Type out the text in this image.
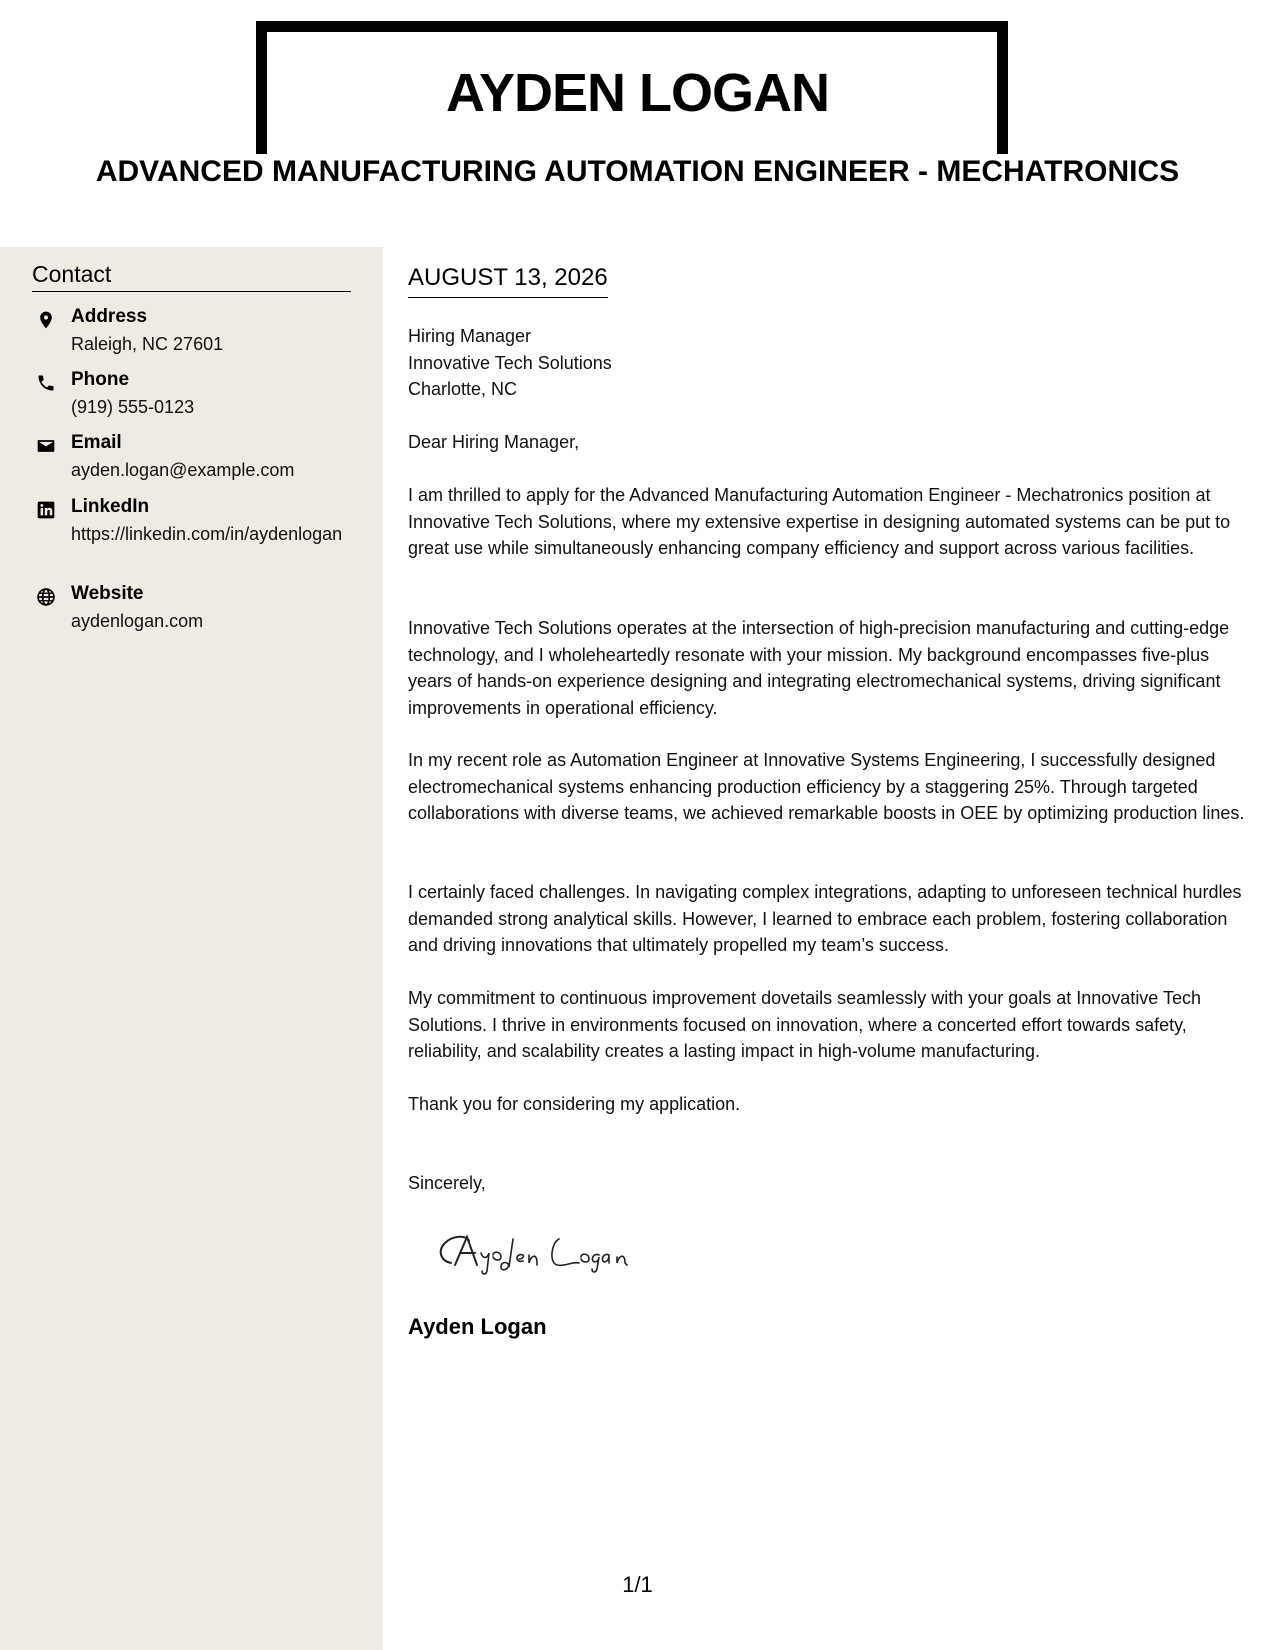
AYDEN LOGAN
ADVANCED MANUFACTURING AUTOMATION ENGINEER - MECHATRONICS
Contact
Address
Raleigh, NC 27601
Phone
(919) 555-0123
Email
ayden.logan@example.com
LinkedIn
https://linkedin.com/in/aydenlogan
Website
aydenlogan.com
AUGUST 13, 2026
Hiring Manager
Innovative Tech Solutions
Charlotte, NC
Dear Hiring Manager,

I am thrilled to apply for the Advanced Manufacturing Automation Engineer - Mechatronics position at Innovative Tech Solutions, where my extensive expertise in designing automated systems can be put to great use while simultaneously enhancing company efficiency and support across various facilities.

Innovative Tech Solutions operates at the intersection of high-precision manufacturing and cutting-edge technology, and I wholeheartedly resonate with your mission. My background encompasses five-plus years of hands-on experience designing and integrating electromechanical systems, driving significant improvements in operational efficiency.

In my recent role as Automation Engineer at Innovative Systems Engineering, I successfully designed electromechanical systems enhancing production efficiency by a staggering 25%. Through targeted collaborations with diverse teams, we achieved remarkable boosts in OEE by optimizing production lines.

I certainly faced challenges. In navigating complex integrations, adapting to unforeseen technical hurdles demanded strong analytical skills. However, I learned to embrace each problem, fostering collaboration and driving innovations that ultimately propelled my team’s success.

My commitment to continuous improvement dovetails seamlessly with your goals at Innovative Tech Solutions. I thrive in environments focused on innovation, where a concerted effort towards safety, reliability, and scalability creates a lasting impact in high-volume manufacturing.

Thank you for considering my application.
Sincerely,
Ayden Logan
1/1
